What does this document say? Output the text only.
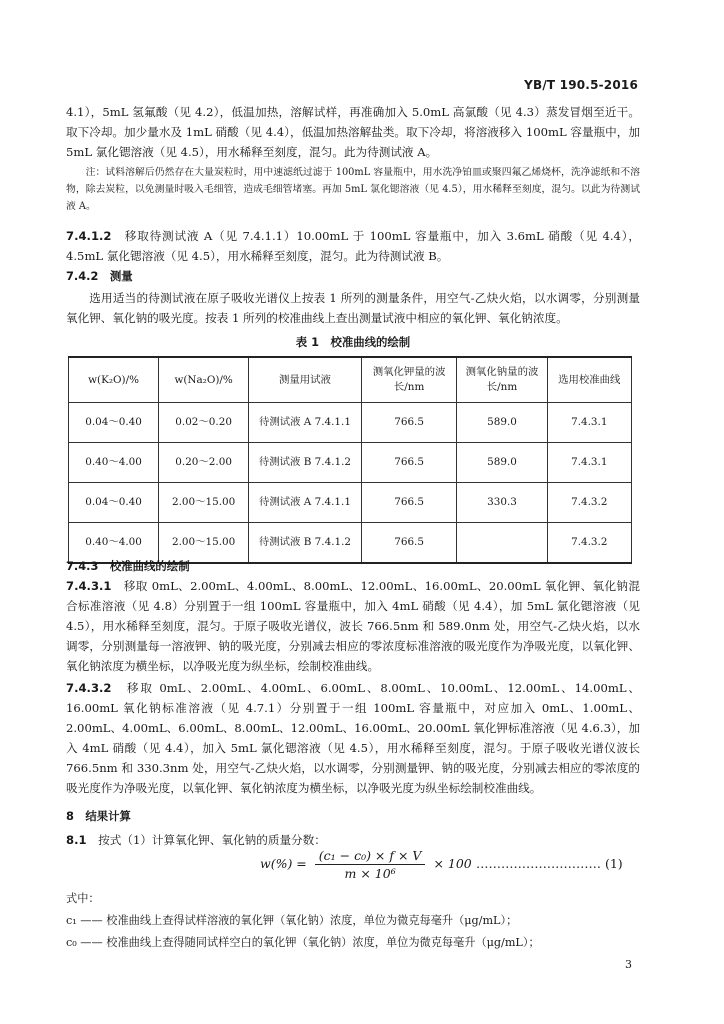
YB/T 190.5-2016

4.1），5mL 氢氟酸（见 4.2），低温加热，溶解试样，再准确加入 5.0mL 高氯酸（见 4.3）蒸发冒烟至近干。取下冷却。加少量水及 1mL 硝酸（见 4.4），低温加热溶解盐类。取下冷却，将溶液移入 100mL 容量瓶中，加 5mL 氯化锶溶液（见 4.5），用水稀释至刻度，混匀。此为待测试液 A。

注：试料溶解后仍然存在大量炭粒时，用中速滤纸过滤于 100mL 容量瓶中，用水洗净铂皿或聚四氟乙烯烧杯，洗净滤纸和不溶物，除去炭粒，以免测量时吸入毛细管，造成毛细管堵塞。再加 5mL 氯化锶溶液（见 4.5），用水稀释至刻度，混匀。以此为待测试液 A。

7.4.1.2　 移取待测试液 A（见 7.4.1.1）10.00mL 于 100mL 容量瓶中，加入 3.6mL 硝酸（见 4.4），4.5mL 氯化锶溶液（见 4.5），用水稀释至刻度，混匀。此为待测试液 B。

7.4.2　 测量

选用适当的待测试液在原子吸收光谱仪上按表 1 所列的测量条件，用空气-乙炔火焰，以水调零，分别测量氧化钾、氧化钠的吸光度。按表 1 所列的校准曲线上查出测量试液中相应的氧化钾、氧化钠浓度。

表 1　校准曲线的绘制
w(K₂O)/%	w(Na₂O)/%	测量用试液	测氧化钾量的波长/nm	测氧化钠量的波长/nm	选用校准曲线
0.04～0.40	0.02～0.20	待测试液 A 7.4.1.1	766.5	589.0	7.4.3.1
0.40～4.00	0.20～2.00	待测试液 B 7.4.1.2	766.5	589.0	7.4.3.1
0.04～0.40	2.00～15.00	待测试液 A 7.4.1.1	766.5	330.3	7.4.3.2
0.40～4.00	2.00～15.00	待测试液 B 7.4.1.2	766.5		7.4.3.2

7.4.3　 校准曲线的绘制

7.4.3.1　 移取 0mL、2.00mL、4.00mL、8.00mL、12.00mL、16.00mL、20.00mL 氧化钾、氧化钠混合标准溶液（见 4.8）分别置于一组 100mL 容量瓶中，加入 4mL 硝酸（见 4.4），加 5mL 氯化锶溶液（见 4.5），用水稀释至刻度，混匀。于原子吸收光谱仪，波长 766.5nm 和 589.0nm 处，用空气-乙炔火焰，以水调零，分别测量每一溶液钾、钠的吸光度，分别减去相应的零浓度标准溶液的吸光度作为净吸光度，以氧化钾、氧化钠浓度为横坐标，以净吸光度为纵坐标，绘制校准曲线。

7.4.3.2　 移取 0mL、2.00mL、4.00mL、6.00mL、8.00mL、10.00mL、12.00mL、14.00mL、16.00mL 氧化钠标准溶液（见 4.7.1）分别置于一组 100mL 容量瓶中，对应加入 0mL、1.00mL、2.00mL、4.00mL、6.00mL、8.00mL、12.00mL、16.00mL、20.00mL 氧化钾标准溶液（见 4.6.3），加入 4mL 硝酸（见 4.4），加入 5mL 氯化锶溶液（见 4.5），用水稀释至刻度，混匀。于原子吸收光谱仪波长 766.5nm 和 330.3nm 处，用空气-乙炔火焰，以水调零，分别测量钾、钠的吸光度，分别减去相应的零浓度的吸光度作为净吸光度，以氧化钾、氧化钠浓度为横坐标，以净吸光度为纵坐标绘制校准曲线。

8　 结果计算

8.1　 按式（1）计算氧化钾、氧化钠的质量分数：

$w(\%) = \frac{\text{(c₁ − c₀) × f × V}}{\text{m × 10⁶}} \times 100$ ………………………… (1)

式中：

c₁ —— 校准曲线上查得试样溶液的氧化钾（氧化钠）浓度，单位为微克每毫升（μg/mL）；

c₀ —— 校准曲线上查得随同试样空白的氧化钾（氧化钠）浓度，单位为微克每毫升（μg/mL）；

3
